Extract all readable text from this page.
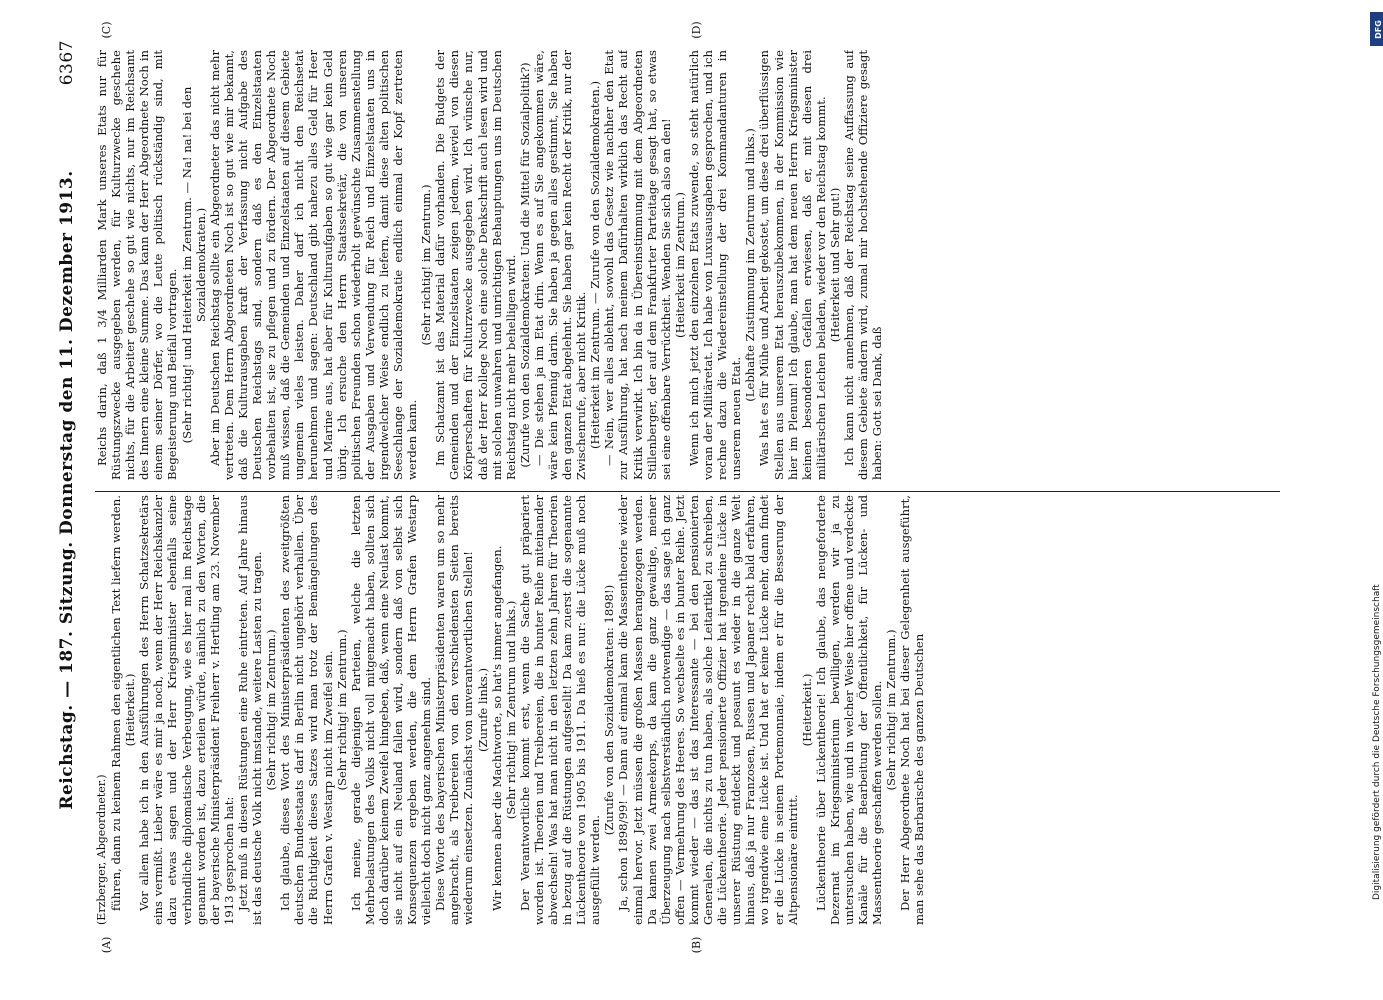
Reichstag. — 187. Sitzung. Donnerstag den 11. Dezember 1913.
6367
(A)	(B)
(C)	(D)

(Erzberger, Abgeordneter.) führen, dann zu keinem Rahmen den eigentlichen Text liefern werden. (Heiterkeit.) Vor allem habe ich in den Ausführungen des Herrn Schatzsekretärs eins vermißt. Lieber wäre es mir ja noch, wenn der Herr Reichskanzler dazu etwas sagen und der Herr Kriegsminister ebenfalls seine verbindliche diplomatische Verbeugung, wie es hier mal im Reichstage genannt worden ist, dazu erteilen würde, nämlich zu den Worten, die der bayerische Ministerpräsident Freiherr v. Hertling am 23. November 1913 gesprochen hat: Jetzt muß in diesen Rüstungen eine Ruhe eintreten. Auf Jahre hinaus ist das deutsche Volk nicht imstande, weitere Lasten zu tragen. (Sehr richtig! im Zentrum.) Ich glaube, dieses Wort des Ministerpräsidenten des zweitgrößten deutschen Bundesstaats darf in Berlin nicht ungehört verhallen. Über die Richtigkeit dieses Satzes wird man trotz der Bemängelungen des Herrn Grafen v. Westarp nicht im Zweifel sein. (Sehr richtig! im Zentrum.) Ich meine, gerade diejenigen Parteien, welche die letzten Mehrbelastungen des Volks nicht voll mitgemacht haben, sollten sich doch darüber keinem Zweifel hingeben, daß, wenn eine Neulast kommt, sie nicht auf ein Neuland fallen wird, sondern daß von selbst sich Konsequenzen ergeben werden, die dem Herrn Grafen Westarp vielleicht doch nicht ganz angenehm sind. Diese Worte des bayerischen Ministerpräsidenten waren um so mehr angebracht, als Treibereien von den verschiedensten Seiten bereits wiederum einsetzen. Zunächst von unverantwortlichen Stellen! (Zurufe links.) Wir kennen aber die Machtworte, so hat's immer angefangen. (Sehr richtig! im Zentrum und links.) Der Verantwortliche kommt erst, wenn die Sache gut präpariert worden ist. Theorien und Treibereien, die in bunter Reihe miteinander abwechseln! Was hat man nicht in den letzten zehn Jahren für Theorien in bezug auf die Rüstungen aufgestellt! Da kam zuerst die sogenannte Lückentheorie von 1905 bis 1911. Da hieß es nur: die Lücke muß noch ausgefüllt werden.

(Zurufe von den Sozialdemokraten: 1898!) Ja, schon 1898/99! — Dann auf einmal kam die Massentheorie wieder einmal hervor. Jetzt müssen die großen Massen herangezogen werden. Da kamen zwei Armeekorps, da kam die ganz gewaltige, meiner Überzeugung nach selbstverständlich notwendige — das sage ich ganz offen — Vermehrung des Heeres. So wechselte es in bunter Reihe. Jetzt kommt wieder — das ist das Interessante — bei den pensionierten Generalen, die nichts zu tun haben, als solche Leitartikel zu schreiben, die Lückentheorie. Jeder pensionierte Offizier hat irgendeine Lücke in unserer Rüstung entdeckt und posaunt es wieder in die ganze Welt hinaus, daß ja nur Franzosen, Russen und Japaner recht bald erfahren, wo irgendwie eine Lücke ist. Und hat er keine Lücke mehr, dann findet er die Lücke in seinem Portemonnaie, indem er für die Besserung der Altpensionäre eintritt.

(Heiterkeit.) Lückentheorie über Lückentheorie! Ich glaube, das neugeforderte Dezernat im Kriegsministerium bewilligen, werden wir ja zu untersuchen haben, wie und in welcher Weise hier offene und verdeckte Kanäle für die Bearbeitung der Öffentlichkeit, für Lücken- und Massentheorie geschaffen werden sollen. (Sehr richtig! im Zentrum.) Der Herr Abgeordnete Noch hat bei dieser Gelegenheit ausgeführt, man sehe das Barbarische des ganzen Deutschen

Reichs darin, daß 1 3/4 Milliarden Mark unseres Etats nur für Rüstungszwecke ausgegeben werden, für Kulturzwecke geschehe nichts, für die Arbeiter geschehe so gut wie nichts, nur im Reichsamt des Innern eine kleine Summe. Das kann der Herr Abgeordnete Noch in einem seiner Dörfer, wo die Leute politisch rückständig sind, mit Begeisterung und Beifall vortragen. (Sehr richtig! und Heiterkeit im Zentrum. — Na! na! bei den Sozialdemokraten.) Aber im Deutschen Reichstag sollte ein Abgeordneter das nicht mehr vertreten. Dem Herrn Abgeordneten Noch ist so gut wie mir bekannt, daß die Kulturausgaben kraft der Verfassung nicht Aufgabe des Deutschen Reichstags sind, sondern daß es den Einzelstaaten vorbehalten ist, sie zu pflegen und zu fördern. Der Abgeordnete Noch muß wissen, daß die Gemeinden und Einzelstaaten auf diesem Gebiete ungemein vieles leisten. Daher darf ich nicht den Reichsetat herunehmen und sagen: Deutschland gibt nahezu alles Geld für Heer und Marine aus, hat aber für Kulturaufgaben so gut wie gar kein Geld übrig. Ich ersuche den Herrn Staatssekretär, die von unseren politischen Freunden schon wiederholt gewünschte Zusammenstellung der Ausgaben und Verwendung für Reich und Einzelstaaten uns in irgendwelcher Weise endlich zu liefern, damit diese alten politischen Seeschlange der Sozialdemokratie endlich einmal der Kopf zertreten werden kann.

(Sehr richtig! im Zentrum.) Im Schatzamt ist das Material dafür vorhanden. Die Budgets der Gemeinden und der Einzelstaaten zeigen jedem, wieviel von diesen Körperschaften für Kulturzwecke ausgegeben wird. Ich wünsche nur, daß der Herr Kollege Noch eine solche Denkschrift auch lesen wird und mit solchen unwahren und unrichtigen Behauptungen uns im Deutschen Reichstag nicht mehr behelligen wird. (Zurufe von den Sozialdemokraten: Und die Mittel für Sozialpolitik?) — Die stehen ja im Etat drin. Wenn es auf Sie angekommen wäre, wäre kein Pfennig darin. Sie haben ja gegen alles gestimmt, Sie haben den ganzen Etat abgelehnt. Sie haben gar kein Recht der Kritik, nur der Zwischenrufe, aber nicht Kritik. (Heiterkeit im Zentrum. — Zurufe von den Sozialdemokraten.) — Nein, wer alles ablehnt, sowohl das Gesetz wie nachher den Etat zur Ausführung, hat nach meinem Dafürhalten wirklich das Recht auf Kritik verwirkt. Ich bin da in Übereinstimmung mit dem Abgeordneten Stillenberger, der auf dem Frankfurter Parteitage gesagt hat, so etwas sei eine offenbare Verrücktheit. Wenden Sie sich also an den! (Heiterkeit im Zentrum.) Wenn ich mich jetzt den einzelnen Etats zuwende, so steht natürlich voran der Militäretat. Ich habe von Luxusausgaben gesprochen, und ich rechne dazu die Wiedereinstellung der drei Kommandanturen in unserem neuen Etat.

(Lebhafte Zustimmung im Zentrum und links.) Was hat es für Mühe und Arbeit gekostet, um diese drei überflüssigen Stellen aus unserem Etat herauszubekommen, in der Kommission wie hier im Plenum! Ich glaube, man hat dem neuen Herrn Kriegsminister keinen besonderen Gefallen erwiesen, daß er, mit diesen drei militärischen Leichen beladen, wieder vor den Reichstag kommt. (Heiterkeit und Sehr gut!) Ich kann nicht annehmen, daß der Reichstag seine Auffassung auf diesem Gebiete ändern wird, zumal mir hochstehende Offiziere gesagt haben: Gott sei Dank, daß

DFG
Digitalisierung gefördert durch die Deutsche Forschungsgemeinschaft
